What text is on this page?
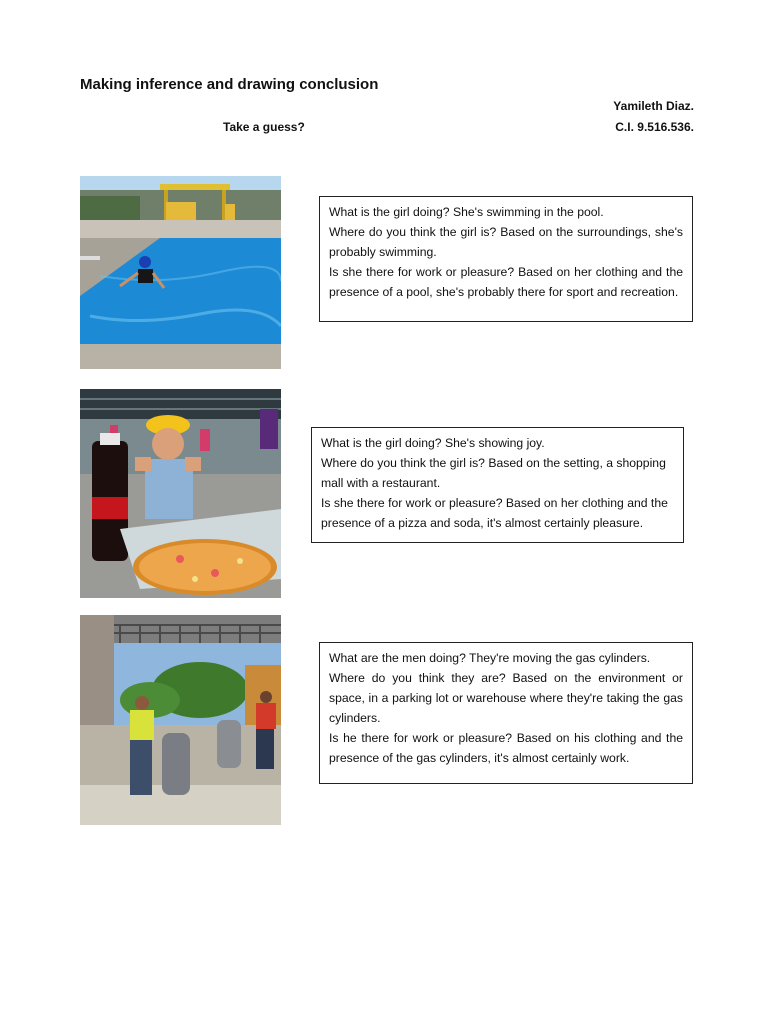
Making inference and drawing conclusion
Yamileth Diaz.
C.I. 9.516.536.
Take a guess?

What is the girl doing? She's swimming in the pool.

Where do you think the girl is? Based on the surroundings, she's probably swimming.

Is she there for work or pleasure? Based on her clothing and the presence of a pool, she's probably there for sport and recreation.

What is the girl doing? She's showing joy.

Where do you think the girl is? Based on the setting, a shopping mall with a restaurant.

Is she there for work or pleasure? Based on her clothing and the presence of a pizza and soda, it's almost certainly pleasure.

What are the men doing? They're moving the gas cylinders.

Where do you think they are? Based on the environment or space, in a parking lot or warehouse where they're taking the gas cylinders.

Is he there for work or pleasure? Based on his clothing and the presence of the gas cylinders, it's almost certainly work.
